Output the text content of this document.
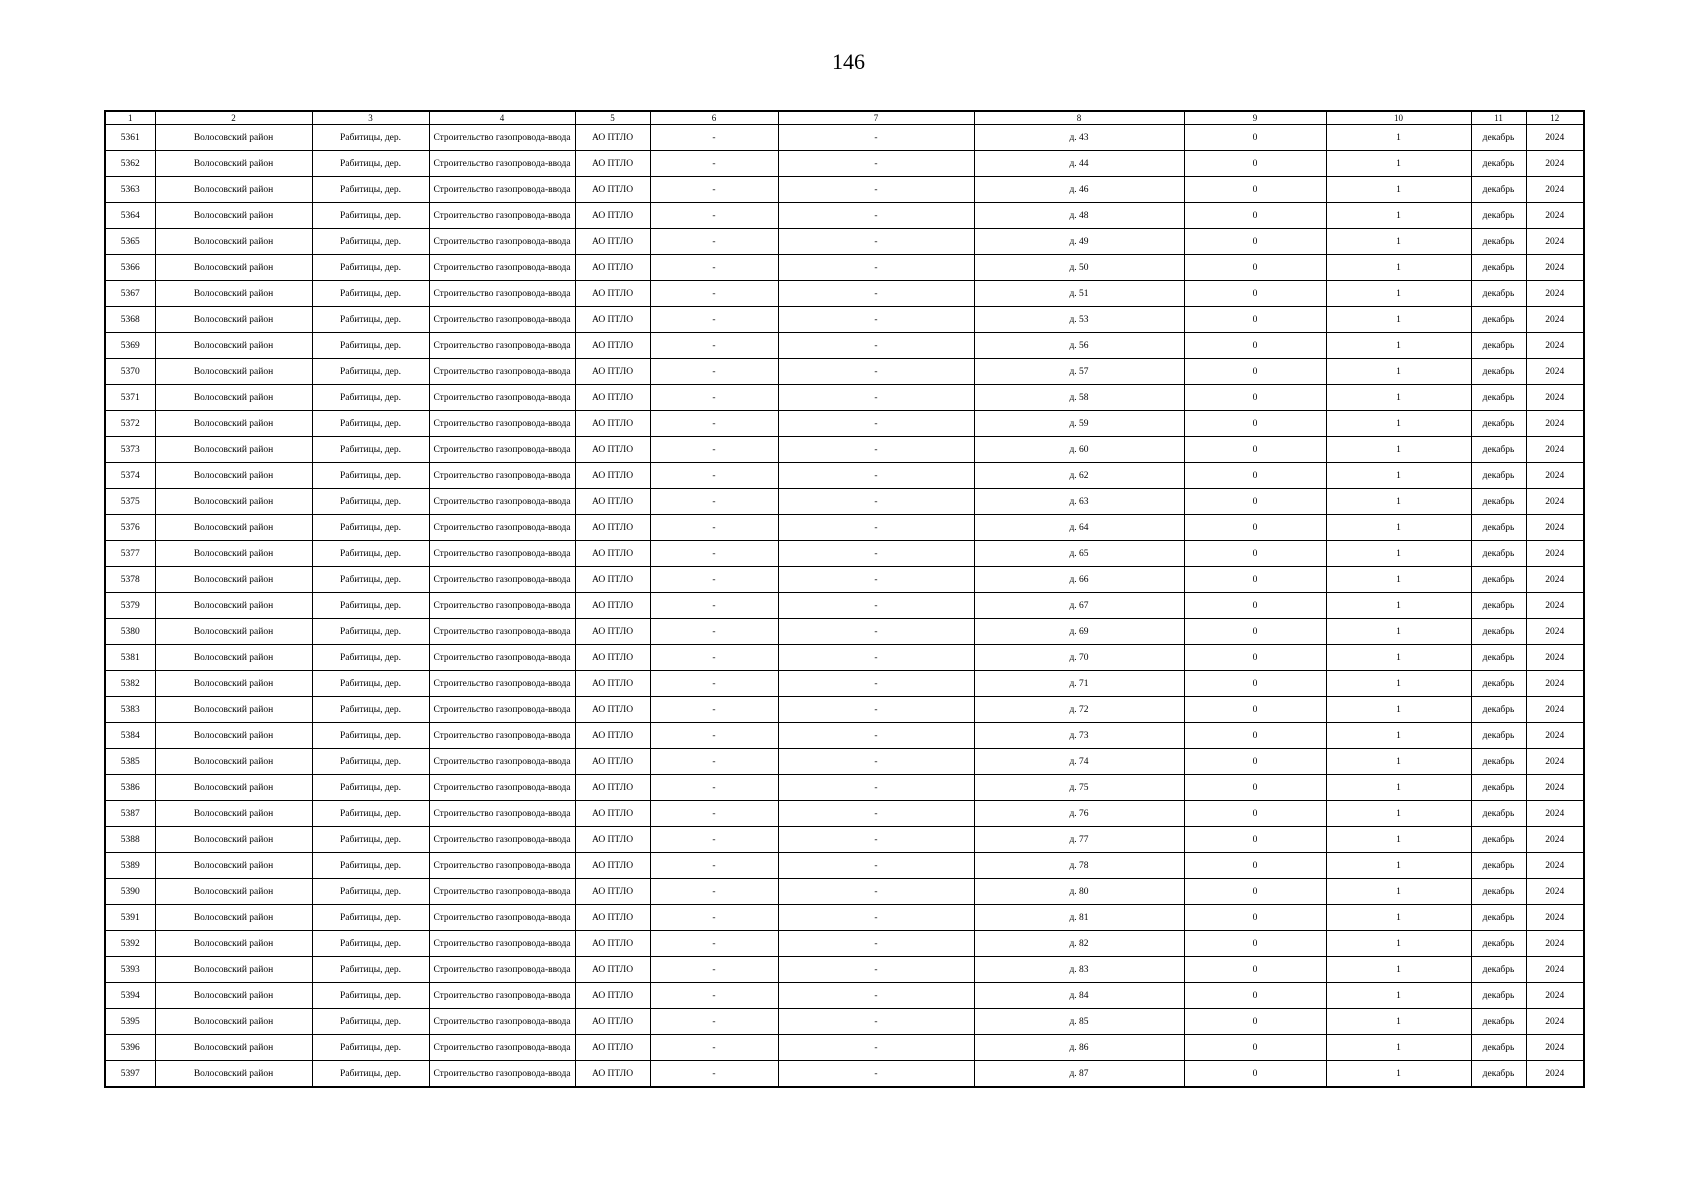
146
1	2	3	4	5	6	7	8	9	10	11	12
5361	Волосовский район	Рабитицы, дер.	Строительство газопровода-ввода	АО ПТЛО	-	-	д. 43	0	1	декабрь	2024
5362	Волосовский район	Рабитицы, дер.	Строительство газопровода-ввода	АО ПТЛО	-	-	д. 44	0	1	декабрь	2024
5363	Волосовский район	Рабитицы, дер.	Строительство газопровода-ввода	АО ПТЛО	-	-	д. 46	0	1	декабрь	2024
5364	Волосовский район	Рабитицы, дер.	Строительство газопровода-ввода	АО ПТЛО	-	-	д. 48	0	1	декабрь	2024
5365	Волосовский район	Рабитицы, дер.	Строительство газопровода-ввода	АО ПТЛО	-	-	д. 49	0	1	декабрь	2024
5366	Волосовский район	Рабитицы, дер.	Строительство газопровода-ввода	АО ПТЛО	-	-	д. 50	0	1	декабрь	2024
5367	Волосовский район	Рабитицы, дер.	Строительство газопровода-ввода	АО ПТЛО	-	-	д. 51	0	1	декабрь	2024
5368	Волосовский район	Рабитицы, дер.	Строительство газопровода-ввода	АО ПТЛО	-	-	д. 53	0	1	декабрь	2024
5369	Волосовский район	Рабитицы, дер.	Строительство газопровода-ввода	АО ПТЛО	-	-	д. 56	0	1	декабрь	2024
5370	Волосовский район	Рабитицы, дер.	Строительство газопровода-ввода	АО ПТЛО	-	-	д. 57	0	1	декабрь	2024
5371	Волосовский район	Рабитицы, дер.	Строительство газопровода-ввода	АО ПТЛО	-	-	д. 58	0	1	декабрь	2024
5372	Волосовский район	Рабитицы, дер.	Строительство газопровода-ввода	АО ПТЛО	-	-	д. 59	0	1	декабрь	2024
5373	Волосовский район	Рабитицы, дер.	Строительство газопровода-ввода	АО ПТЛО	-	-	д. 60	0	1	декабрь	2024
5374	Волосовский район	Рабитицы, дер.	Строительство газопровода-ввода	АО ПТЛО	-	-	д. 62	0	1	декабрь	2024
5375	Волосовский район	Рабитицы, дер.	Строительство газопровода-ввода	АО ПТЛО	-	-	д. 63	0	1	декабрь	2024
5376	Волосовский район	Рабитицы, дер.	Строительство газопровода-ввода	АО ПТЛО	-	-	д. 64	0	1	декабрь	2024
5377	Волосовский район	Рабитицы, дер.	Строительство газопровода-ввода	АО ПТЛО	-	-	д. 65	0	1	декабрь	2024
5378	Волосовский район	Рабитицы, дер.	Строительство газопровода-ввода	АО ПТЛО	-	-	д. 66	0	1	декабрь	2024
5379	Волосовский район	Рабитицы, дер.	Строительство газопровода-ввода	АО ПТЛО	-	-	д. 67	0	1	декабрь	2024
5380	Волосовский район	Рабитицы, дер.	Строительство газопровода-ввода	АО ПТЛО	-	-	д. 69	0	1	декабрь	2024
5381	Волосовский район	Рабитицы, дер.	Строительство газопровода-ввода	АО ПТЛО	-	-	д. 70	0	1	декабрь	2024
5382	Волосовский район	Рабитицы, дер.	Строительство газопровода-ввода	АО ПТЛО	-	-	д. 71	0	1	декабрь	2024
5383	Волосовский район	Рабитицы, дер.	Строительство газопровода-ввода	АО ПТЛО	-	-	д. 72	0	1	декабрь	2024
5384	Волосовский район	Рабитицы, дер.	Строительство газопровода-ввода	АО ПТЛО	-	-	д. 73	0	1	декабрь	2024
5385	Волосовский район	Рабитицы, дер.	Строительство газопровода-ввода	АО ПТЛО	-	-	д. 74	0	1	декабрь	2024
5386	Волосовский район	Рабитицы, дер.	Строительство газопровода-ввода	АО ПТЛО	-	-	д. 75	0	1	декабрь	2024
5387	Волосовский район	Рабитицы, дер.	Строительство газопровода-ввода	АО ПТЛО	-	-	д. 76	0	1	декабрь	2024
5388	Волосовский район	Рабитицы, дер.	Строительство газопровода-ввода	АО ПТЛО	-	-	д. 77	0	1	декабрь	2024
5389	Волосовский район	Рабитицы, дер.	Строительство газопровода-ввода	АО ПТЛО	-	-	д. 78	0	1	декабрь	2024
5390	Волосовский район	Рабитицы, дер.	Строительство газопровода-ввода	АО ПТЛО	-	-	д. 80	0	1	декабрь	2024
5391	Волосовский район	Рабитицы, дер.	Строительство газопровода-ввода	АО ПТЛО	-	-	д. 81	0	1	декабрь	2024
5392	Волосовский район	Рабитицы, дер.	Строительство газопровода-ввода	АО ПТЛО	-	-	д. 82	0	1	декабрь	2024
5393	Волосовский район	Рабитицы, дер.	Строительство газопровода-ввода	АО ПТЛО	-	-	д. 83	0	1	декабрь	2024
5394	Волосовский район	Рабитицы, дер.	Строительство газопровода-ввода	АО ПТЛО	-	-	д. 84	0	1	декабрь	2024
5395	Волосовский район	Рабитицы, дер.	Строительство газопровода-ввода	АО ПТЛО	-	-	д. 85	0	1	декабрь	2024
5396	Волосовский район	Рабитицы, дер.	Строительство газопровода-ввода	АО ПТЛО	-	-	д. 86	0	1	декабрь	2024
5397	Волосовский район	Рабитицы, дер.	Строительство газопровода-ввода	АО ПТЛО	-	-	д. 87	0	1	декабрь	2024
